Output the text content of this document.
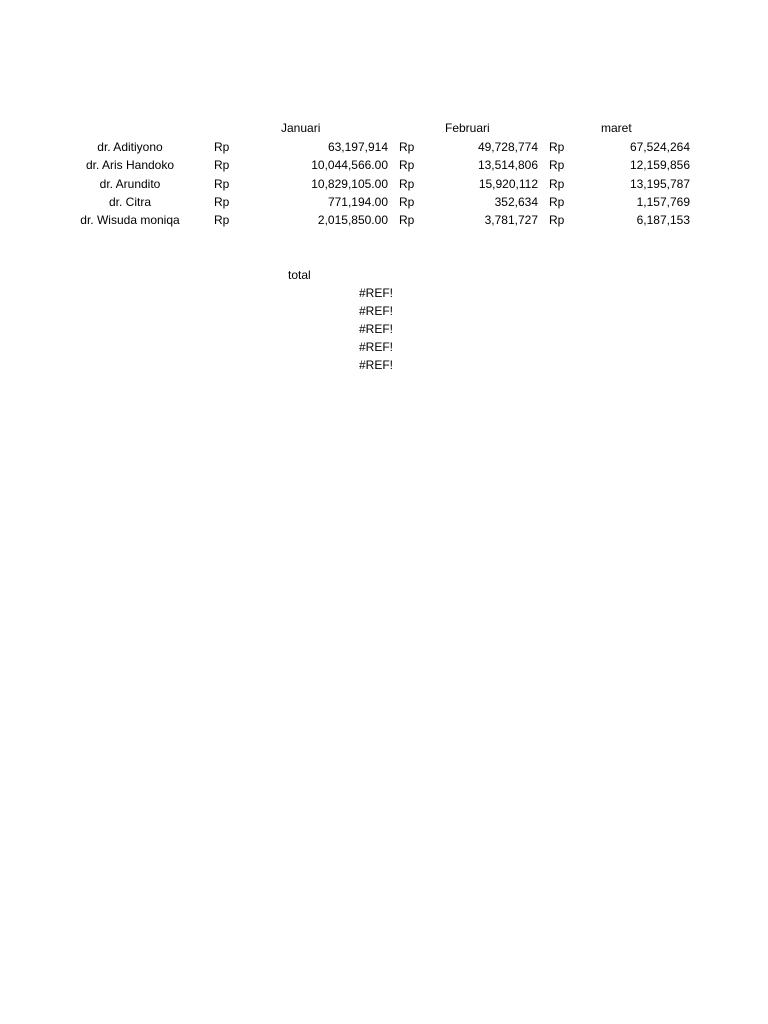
Januari	Februari	maret
dr. Aditiyono	Rp	63,197,914 Rp	49,728,774 Rp	67,524,264
dr. Aris Handoko	Rp	10,044,566.00 Rp	13,514,806 Rp	12,159,856
dr. Arundito	Rp	10,829,105.00 Rp	15,920,112 Rp	13,195,787
dr. Citra	Rp	771,194.00 Rp	352,634 Rp	1,157,769
dr. Wisuda moniqa	Rp	2,015,850.00 Rp	3,781,727 Rp	6,187,153
total
#REF!
#REF!
#REF!
#REF!
#REF!
